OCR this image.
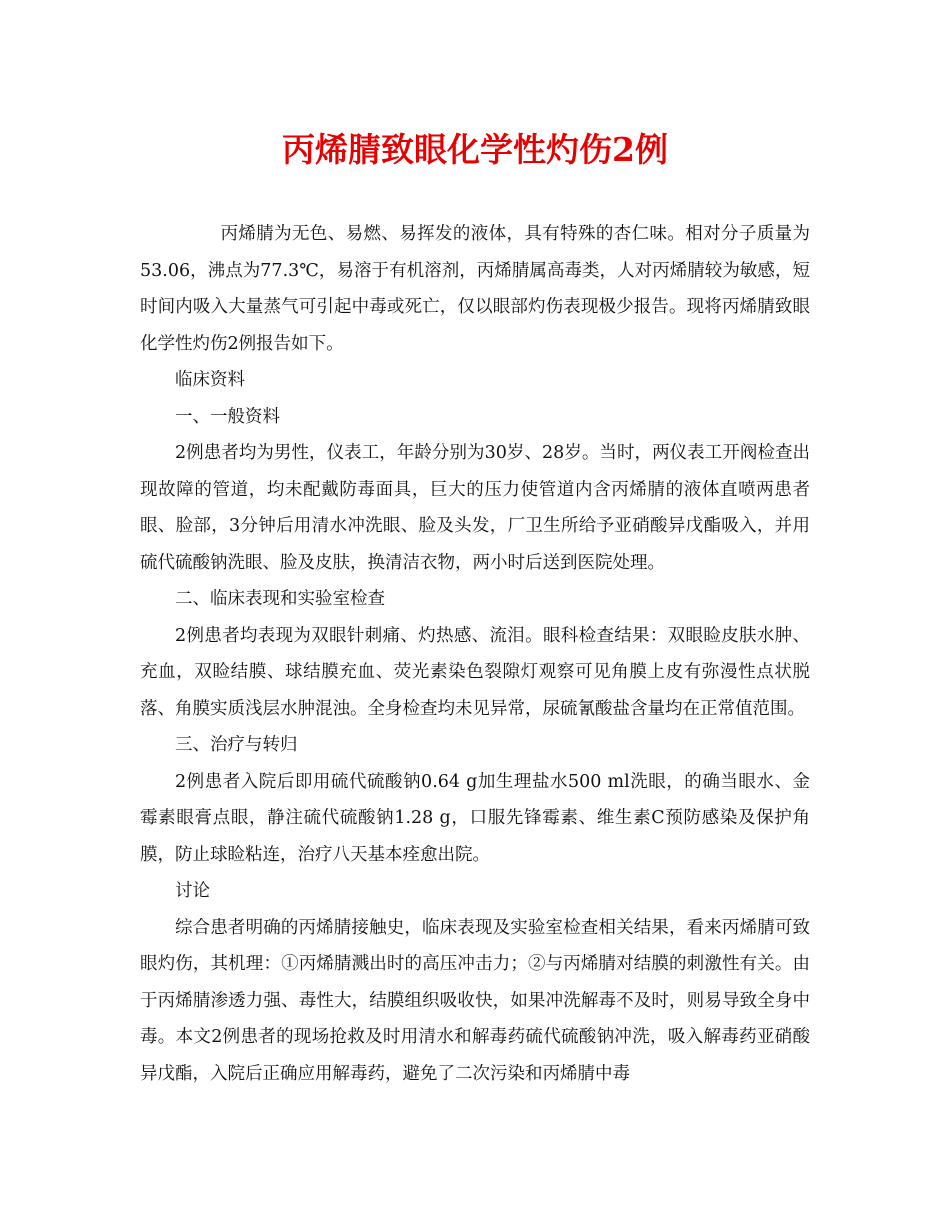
丙烯腈致眼化学性灼伤2例

丙烯腈为无色、易燃、易挥发的液体，具有特殊的杏仁味。相对分子质量为53.06，沸点为77.3℃，易溶于有机溶剂，丙烯腈属高毒类，人对丙烯腈较为敏感，短时间内吸入大量蒸气可引起中毒或死亡，仅以眼部灼伤表现极少报告。现将丙烯腈致眼化学性灼伤2例报告如下。

临床资料

一、一般资料

2例患者均为男性，仪表工，年龄分别为30岁、28岁。当时，两仪表工开阀检查出现故障的管道，均未配戴防毒面具，巨大的压力使管道内含丙烯腈的液体直喷两患者眼、脸部，3分钟后用清水冲洗眼、脸及头发，厂卫生所给予亚硝酸异戊酯吸入，并用硫代硫酸钠洗眼、脸及皮肤，换清洁衣物，两小时后送到医院处理。

二、临床表现和实验室检查

2例患者均表现为双眼针刺痛、灼热感、流泪。眼科检查结果：双眼睑皮肤水肿、充血，双睑结膜、球结膜充血、荧光素染色裂隙灯观察可见角膜上皮有弥漫性点状脱落、角膜实质浅层水肿混浊。全身检查均未见异常，尿硫氰酸盐含量均在正常值范围。

三、治疗与转归

2例患者入院后即用硫代硫酸钠0.64 g加生理盐水500 ml洗眼，的确当眼水、金霉素眼膏点眼，静注硫代硫酸钠1.28 g，口服先锋霉素、维生素C预防感染及保护角膜，防止球睑粘连，治疗八天基本痊愈出院。

讨论

综合患者明确的丙烯腈接触史，临床表现及实验室检查相关结果，看来丙烯腈可致眼灼伤，其机理：①丙烯腈溅出时的高压冲击力；②与丙烯腈对结膜的刺激性有关。由于丙烯腈渗透力强、毒性大，结膜组织吸收快，如果冲洗解毒不及时，则易导致全身中毒。本文2例患者的现场抢救及时用清水和解毒药硫代硫酸钠冲洗，吸入解毒药亚硝酸异戊酯，入院后正确应用解毒药，避免了二次污染和丙烯腈中毒
